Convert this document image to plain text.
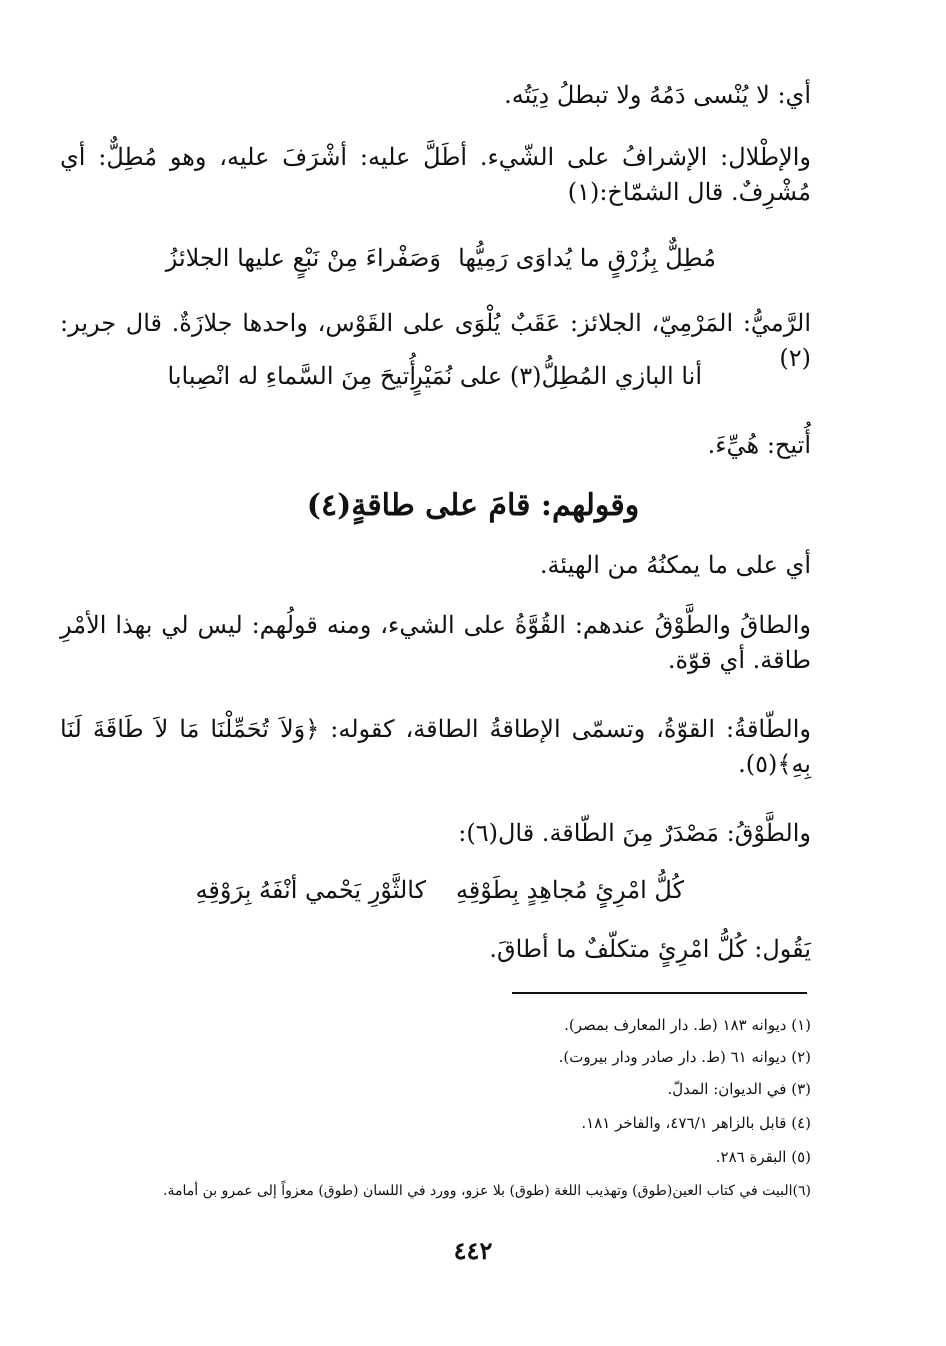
أي: لا يُنْسى دَمُهُ ولا تبطلُ دِيَتُه.
والإطْلال: الإشرافُ على الشّيء. أطَلَّ عليه: أشْرَفَ عليه، وهو مُطِلٌّ: أي مُشْرِفٌ. قال الشمّاخ:(١)
مُطِلٌّ بِزُرْقٍ ما يُداوَى رَمِيُّها
وَصَفْراءَ مِنْ نَبْعٍ عليها الجلائزُ
الرَّميُّ: المَرْمِيّ، الجلائز: عَقَبٌ يُلْوَى على القَوْس، واحدها جلازَةٌ. قال جرير:(٢)
أنا البازي المُطِلُّ(٣) على نُمَيْرٍ
أُتيحَ مِنَ السَّماءِ له انْصِبابا
أُتيح: هُيِّءَ.
وقولهم: قامَ على طاقةٍ(٤)
أي على ما يمكنُهُ من الهيئة.
والطاقُ والطَّوْقُ عندهم: القُوَّةُ على الشيء، ومنه قولُهم: ليس لي بهذا الأمْرِ طاقة. أي قوّة.
والطّاقةُ: القوّةُ، وتسمّى الإطاقةُ الطاقة، كقوله: ﴿وَلاَ تُحَمِّلْنَا مَا لاَ طَاقَةَ لَنَا بِهِ﴾(٥).
والطَّوْقُ: مَصْدَرٌ مِنَ الطّاقة. قال(٦):
كُلُّ امْرِئٍ مُجاهِدٍ بِطَوْقِهِ
كالثَّوْرِ يَحْمي أنْفَهُ بِرَوْقِهِ
يَقُول: كُلُّ امْرِئٍ متكلّفٌ ما أطاقَ.
(١) ديوانه ١٨٣ (ط. دار المعارف بمصر).
(٢) ديوانه ٦١ (ط. دار صادر ودار بيروت).
(٣) في الديوان: المدلّ.
(٤) قابل بالزاهر ٤٧٦/١، والفاخر ١٨١.
(٥) البقرة ٢٨٦.
(٦)البيت في كتاب العين(طوق) وتهذيب اللغة (طوق) بلا عزو، وورد في اللسان (طوق) معزواً إلى عمرو بن أمامة.
٤٤٢
